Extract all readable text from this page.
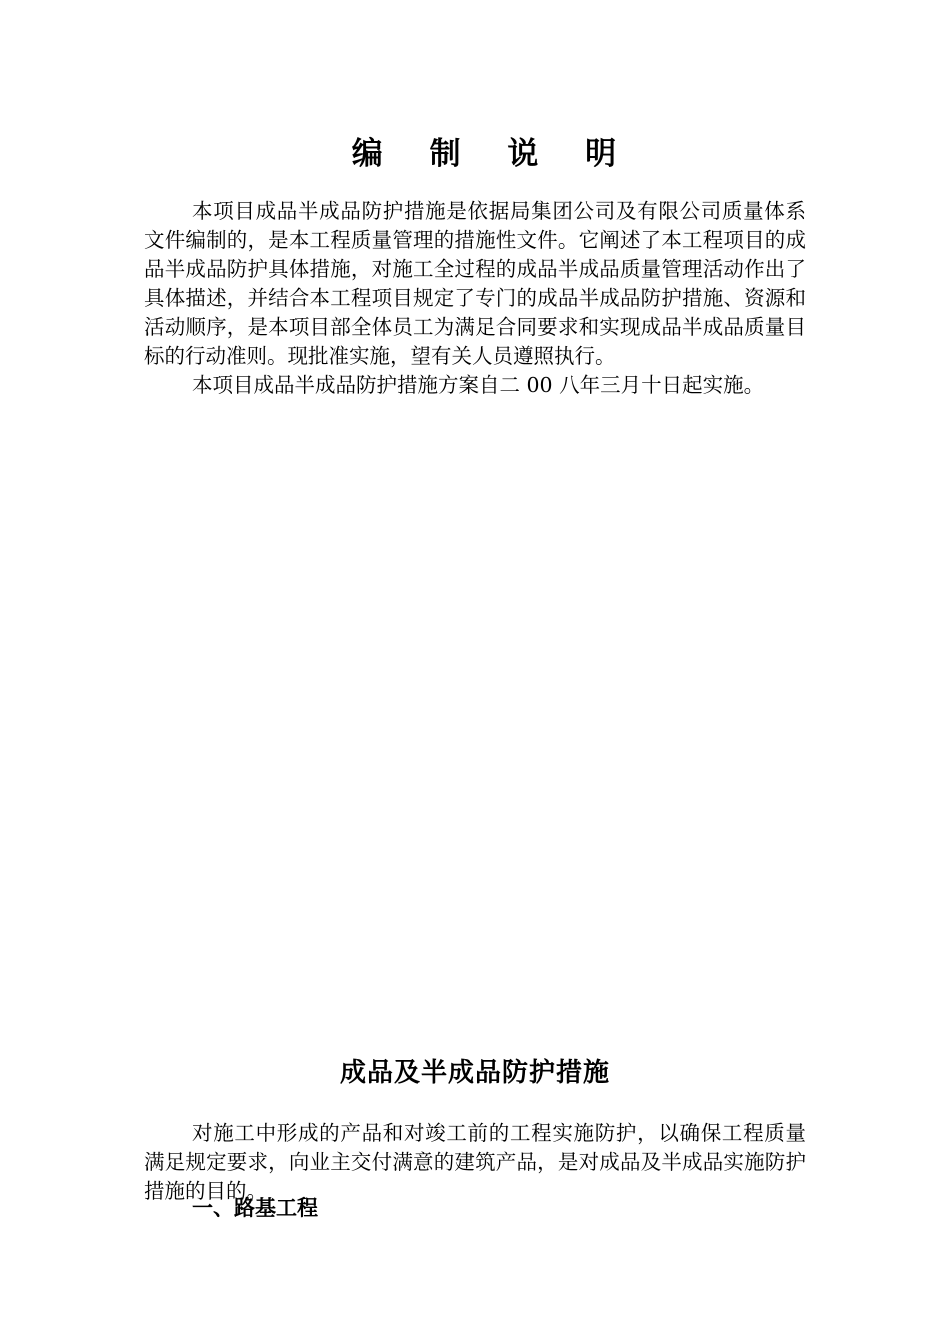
编 制 说 明

本项目成品半成品防护措施是依据局集团公司及有限公司质量体系文件编制的，是本工程质量管理的措施性文件。它阐述了本工程项目的成品半成品防护具体措施，对施工全过程的成品半成品质量管理活动作出了具体描述，并结合本工程项目规定了专门的成品半成品防护措施、资源和活动顺序，是本项目部全体员工为满足合同要求和实现成品半成品质量目标的行动准则。现批准实施，望有关人员遵照执行。

本项目成品半成品防护措施方案自二 00 八年三月十日起实施。

成品及半成品防护措施

对施工中形成的产品和对竣工前的工程实施防护，以确保工程质量满足规定要求，向业主交付满意的建筑产品，是对成品及半成品实施防护措施的目的。

一、路基工程
